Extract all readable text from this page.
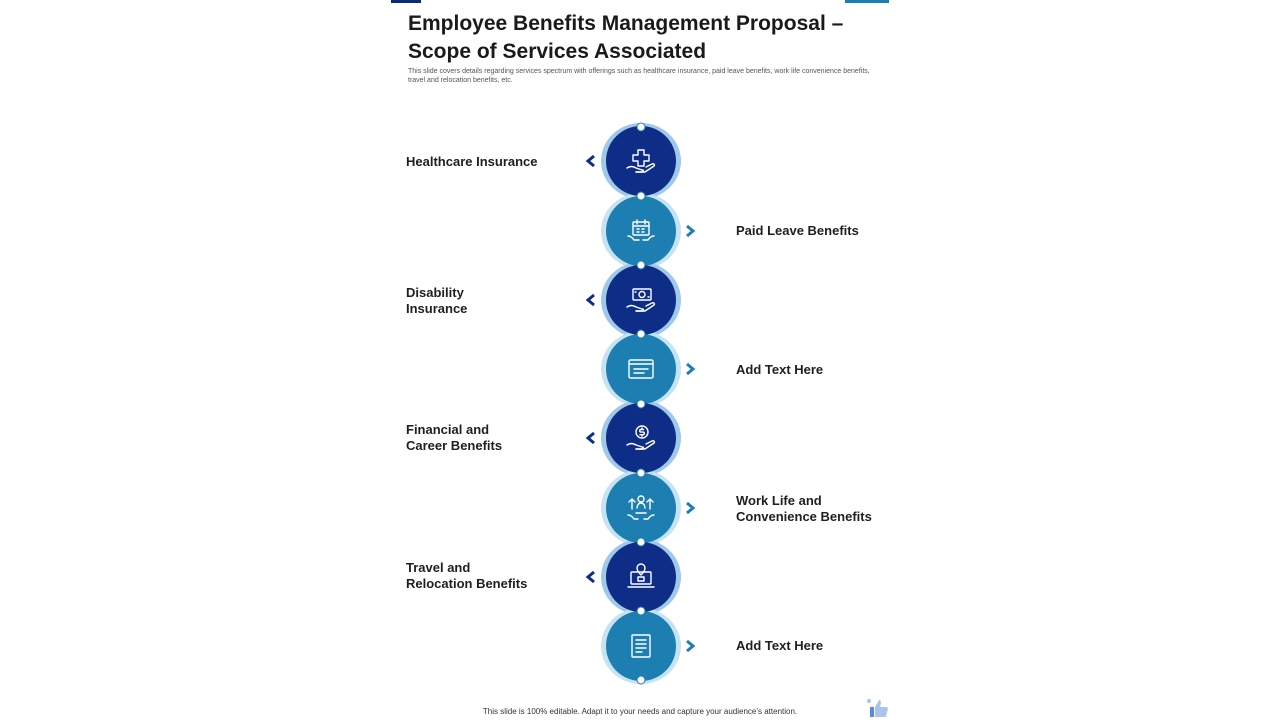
Employee Benefits Management Proposal – Scope of Services Associated

This slide covers details regarding services spectrum with offerings such as healthcare insurance, paid leave benefits, work life convenience benefits, travel and relocation benefits, etc.

Healthcare Insurance

Paid Leave Benefits

Disability Insurance

Add Text Here

Financial and Career Benefits

Work Life and Convenience Benefits

Travel and Relocation Benefits

Add Text Here

This slide is 100% editable. Adapt it to your needs and capture your audience’s attention.
